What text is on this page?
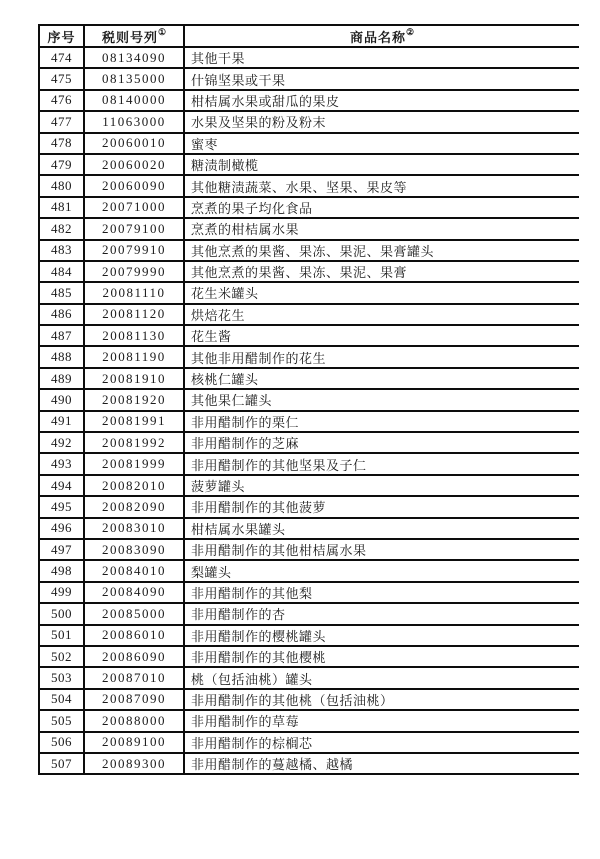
序号	税则号列①	商品名称②
474	08134090	其他干果
475	08135000	什锦坚果或干果
476	08140000	柑桔属水果或甜瓜的果皮
477	11063000	水果及坚果的粉及粉末
478	20060010	蜜枣
479	20060020	糖渍制橄榄
480	20060090	其他糖渍蔬菜、水果、坚果、果皮等
481	20071000	烹煮的果子均化食品
482	20079100	烹煮的柑桔属水果
483	20079910	其他烹煮的果酱、果冻、果泥、果膏罐头
484	20079990	其他烹煮的果酱、果冻、果泥、果膏
485	20081110	花生米罐头
486	20081120	烘焙花生
487	20081130	花生酱
488	20081190	其他非用醋制作的花生
489	20081910	核桃仁罐头
490	20081920	其他果仁罐头
491	20081991	非用醋制作的栗仁
492	20081992	非用醋制作的芝麻
493	20081999	非用醋制作的其他坚果及子仁
494	20082010	菠萝罐头
495	20082090	非用醋制作的其他菠萝
496	20083010	柑桔属水果罐头
497	20083090	非用醋制作的其他柑桔属水果
498	20084010	梨罐头
499	20084090	非用醋制作的其他梨
500	20085000	非用醋制作的杏
501	20086010	非用醋制作的樱桃罐头
502	20086090	非用醋制作的其他樱桃
503	20087010	桃（包括油桃）罐头
504	20087090	非用醋制作的其他桃（包括油桃）
505	20088000	非用醋制作的草莓
506	20089100	非用醋制作的棕榈芯
507	20089300	非用醋制作的蔓越橘、越橘
